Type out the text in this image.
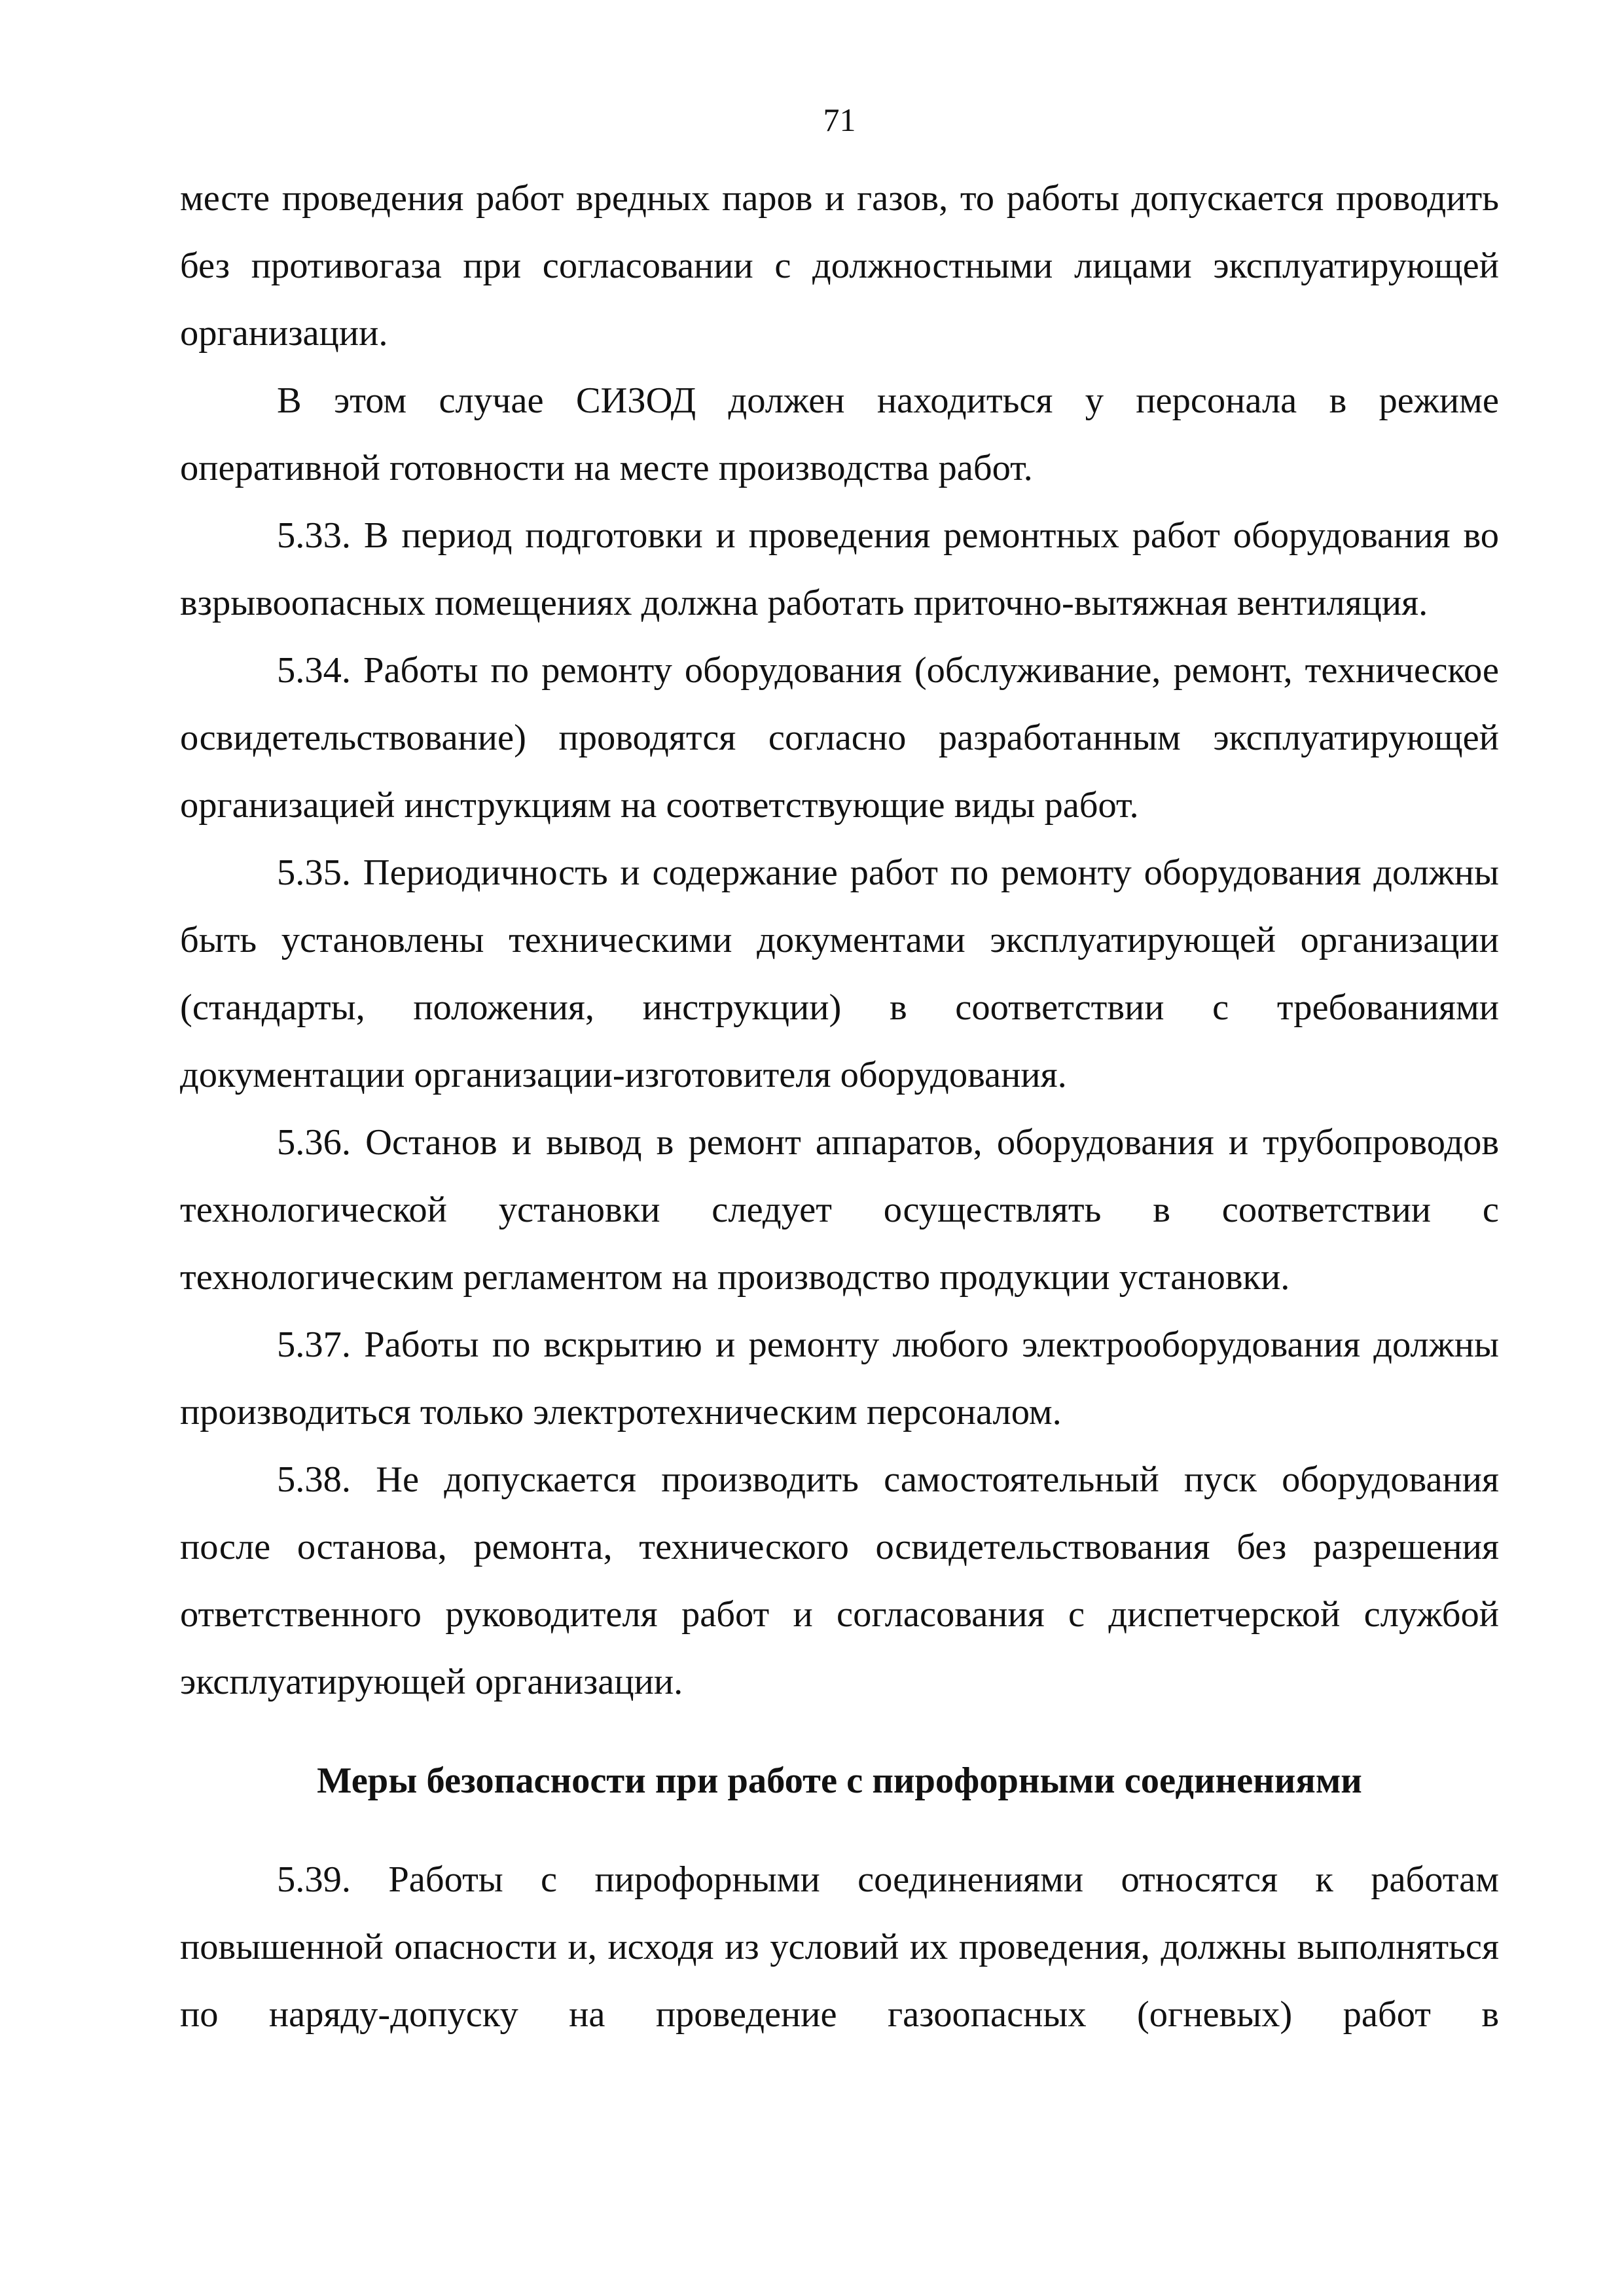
71

месте проведения работ вредных паров и газов, то работы допускается проводить без противогаза при согласовании с должностными лицами эксплуатирующей организации.

В этом случае СИЗОД должен находиться у персонала в режиме оперативной готовности на месте производства работ.

5.33. В период подготовки и проведения ремонтных работ оборудования во взрывоопасных помещениях должна работать приточно-вытяжная вентиляция.

5.34. Работы по ремонту оборудования (обслуживание, ремонт, техническое освидетельствование) проводятся согласно разработанным эксплуатирующей организацией инструкциям на соответствующие виды работ.

5.35. Периодичность и содержание работ по ремонту оборудования должны быть установлены техническими документами эксплуатирующей организации (стандарты, положения, инструкции) в соответствии с требованиями документации организации-изготовителя оборудования.

5.36. Останов и вывод в ремонт аппаратов, оборудования и трубопроводов технологической установки следует осуществлять в соответствии с технологическим регламентом на производство продукции установки.

5.37. Работы по вскрытию и ремонту любого электрооборудования должны производиться только электротехническим персоналом.

5.38. Не допускается производить самостоятельный пуск оборудования после останова, ремонта, технического освидетельствования без разрешения ответственного руководителя работ и согласования с диспетчерской службой эксплуатирующей организации.

Меры безопасности при работе с пирофорными соединениями

5.39. Работы с пирофорными соединениями относятся к работам повышенной опасности и, исходя из условий их проведения, должны выполняться по наряду-допуску на проведение газоопасных (огневых) работ в
